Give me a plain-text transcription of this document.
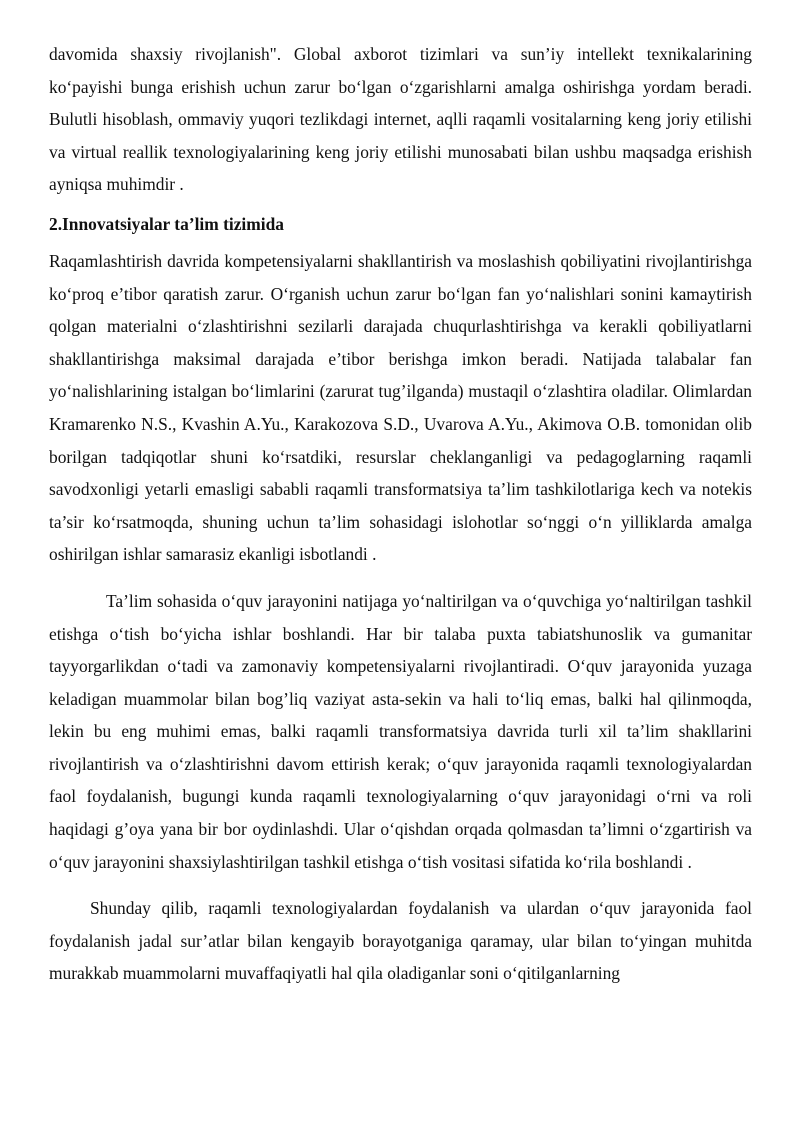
davomida shaxsiy rivojlanish". Global axborot tizimlari va sun’iy intellekt texnikalarining ko‘payishi bunga erishish uchun zarur bo‘lgan o‘zgarishlarni amalga oshirishga yordam beradi. Bulutli hisoblash, ommaviy yuqori tezlikdagi internet, aqlli raqamli vositalarning keng joriy etilishi va virtual reallik texnologiyalarining keng joriy etilishi munosabati bilan ushbu maqsadga erishish ayniqsa muhimdir .

2.Innovatsiyalar ta’lim tizimida

Raqamlashtirish davrida kompetensiyalarni shakllantirish va moslashish qobiliyatini rivojlantirishga ko‘proq e’tibor qaratish zarur. O‘rganish uchun zarur bo‘lgan fan yo‘nalishlari sonini kamaytirish qolgan materialni o‘zlashtirishni sezilarli darajada chuqurlashtirishga va kerakli qobiliyatlarni shakllantirishga maksimal darajada e’tibor berishga imkon beradi. Natijada talabalar fan yo‘nalishlarining istalgan bo‘limlarini (zarurat tug’ilganda) mustaqil o‘zlashtira oladilar. Olimlardan Kramarenko N.S., Kvashin A.Yu., Karakozova S.D., Uvarova A.Yu., Akimova O.B. tomonidan olib borilgan tadqiqotlar shuni ko‘rsatdiki, resurslar cheklanganligi va pedagoglarning raqamli savodxonligi yetarli emasligi sababli raqamli transformatsiya ta’lim tashkilotlariga kech va notekis ta’sir ko‘rsatmoqda, shuning uchun ta’lim sohasidagi islohotlar so‘nggi o‘n yilliklarda amalga oshirilgan ishlar samarasiz ekanligi isbotlandi .

Ta’lim sohasida o‘quv jarayonini natijaga yo‘naltirilgan va o‘quvchiga yo‘naltirilgan tashkil etishga o‘tish bo‘yicha ishlar boshlandi. Har bir talaba puxta tabiatshunoslik va gumanitar tayyorgarlikdan o‘tadi va zamonaviy kompetensiyalarni rivojlantiradi. O‘quv jarayonida yuzaga keladigan muammolar bilan bog’liq vaziyat asta-sekin va hali to‘liq emas, balki hal qilinmoqda, lekin bu eng muhimi emas, balki raqamli transformatsiya davrida turli xil ta’lim shakllarini rivojlantirish va o‘zlashtirishni davom ettirish kerak; o‘quv jarayonida raqamli texnologiyalardan faol foydalanish, bugungi kunda raqamli texnologiyalarning o‘quv jarayonidagi o‘rni va roli haqidagi g’oya yana bir bor oydinlashdi. Ular o‘qishdan orqada qolmasdan ta’limni o‘zgartirish va o‘quv jarayonini shaxsiylashtirilgan tashkil etishga o‘tish vositasi sifatida ko‘rila boshlandi .

Shunday qilib, raqamli texnologiyalardan foydalanish va ulardan o‘quv jarayonida faol foydalanish jadal sur’atlar bilan kengayib borayotganiga qaramay, ular bilan to‘yingan muhitda murakkab muammolarni muvaffaqiyatli hal qila oladiganlar soni o‘qitilganlarning
